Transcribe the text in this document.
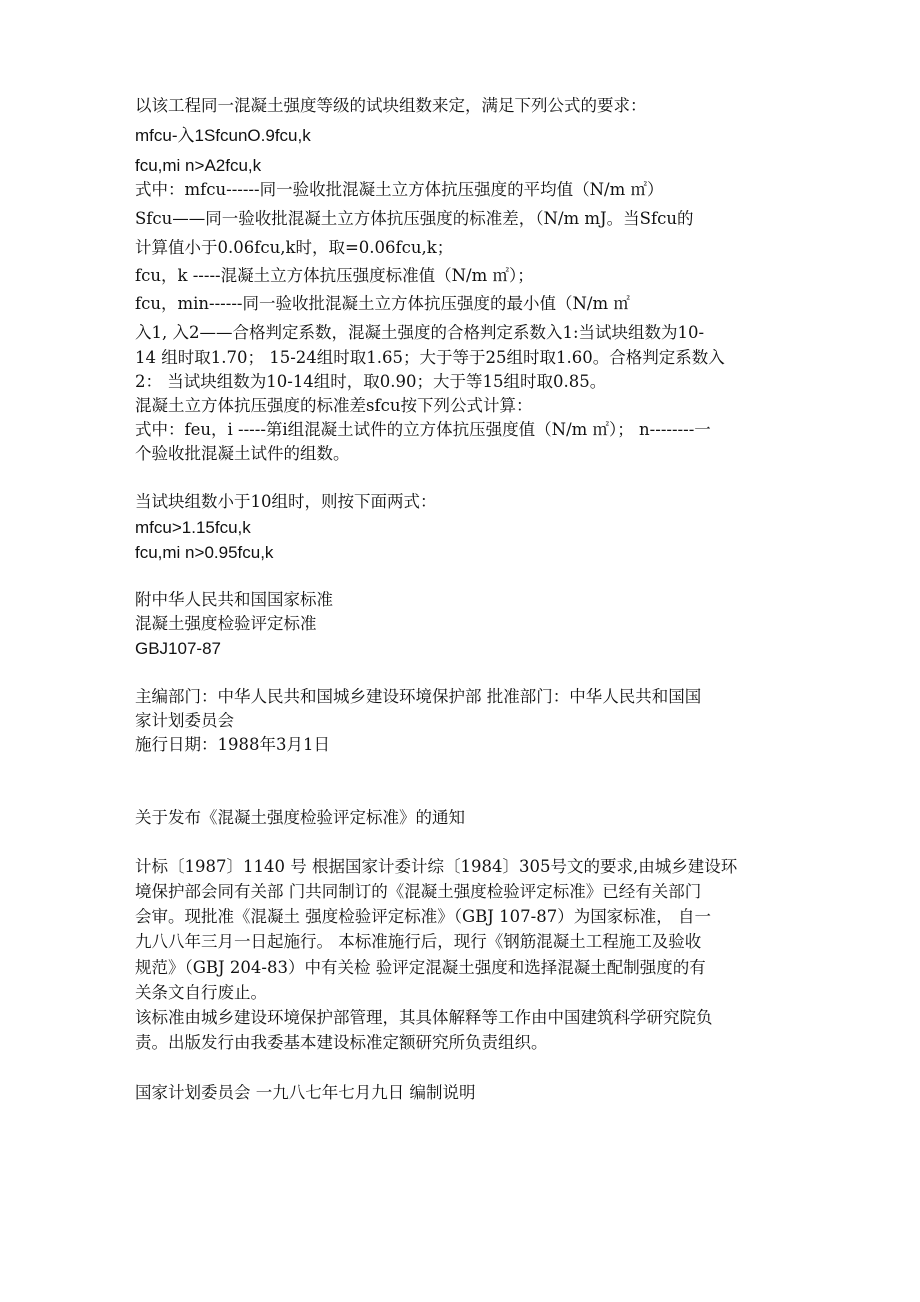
以该工程同一混凝土强度等级的试块组数来定，满足下列公式的要求：
mfcu-入1SfcunO.9fcu,k
fcu,mi n>A2fcu,k
式中：mfcu------同一验收批混凝土立方体抗压强度的平均值（N/m ㎡）
Sfcu——同一验收批混凝土立方体抗压强度的标准差，（N/m mJ。当Sfcu的
计算值小于0.06fcu,k时，取=0.06fcu,k；
fcu，k -----混凝土立方体抗压强度标准值（N/m ㎡）；
fcu，min------同一验收批混凝土立方体抗压强度的最小值（N/m ㎡
入1, 入2——合格判定系数，混凝土强度的合格判定系数入1:当试块组数为10-
14 组时取1.70； 15-24组时取1.65；大于等于25组时取1.60。合格判定系数入
2： 当试块组数为10-14组时，取0.90；大于等15组时取0.85。
混凝土立方体抗压强度的标准差sfcu按下列公式计算：
式中：feu，i -----第i组混凝土试件的立方体抗压强度值（N/m ㎡）； n--------一
个验收批混凝土试件的组数。
当试块组数小于10组时，则按下面两式：
mfcu>1.15fcu,k
fcu,mi n>0.95fcu,k
附中华人民共和国国家标准
混凝土强度检验评定标准
GBJ107-87
主编部门：中华人民共和国城乡建设环境保护部 批准部门：中华人民共和国国
家计划委员会
施行日期：1988年3月1日
关于发布《混凝土强度检验评定标准》的通知
计标〔1987〕1140 号 根据国家计委计综〔1984〕305号文的要求,由城乡建设环
境保护部会同有关部 门共同制订的《混凝土强度检验评定标准》已经有关部门
会审。现批准《混凝土 强度检验评定标准》（GBJ 107-87）为国家标准， 自一
九八八年三月一日起施行。 本标准施行后，现行《钢筋混凝土工程施工及验收
规范》（GBJ 204-83）中有关检 验评定混凝土强度和选择混凝土配制强度的有
关条文自行废止。
该标准由城乡建设环境保护部管理，其具体解释等工作由中国建筑科学研究院负
责。出版发行由我委基本建设标准定额研究所负责组织。
国家计划委员会 一九八七年七月九日 编制说明
